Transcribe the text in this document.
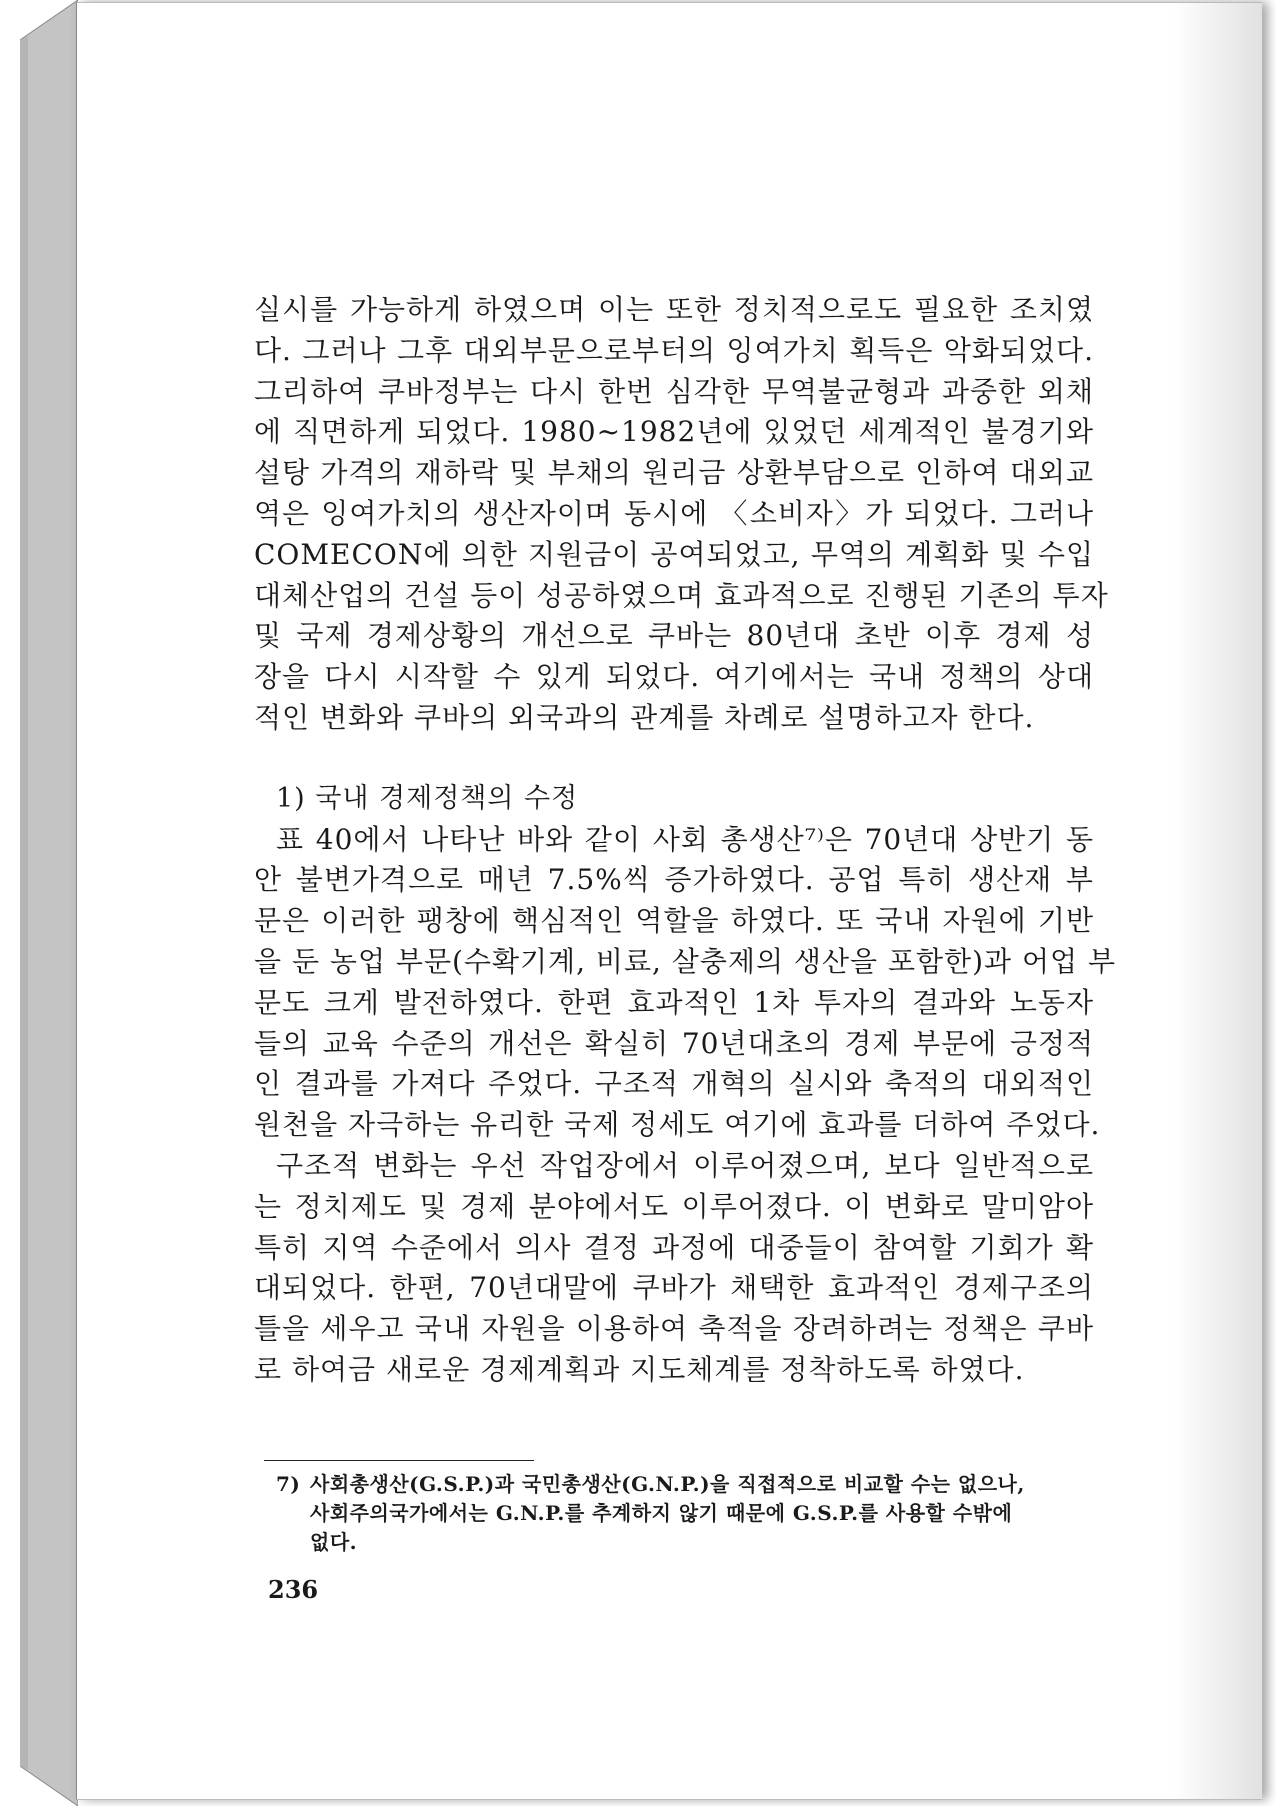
실시를 가능하게 하였으며 이는 또한 정치적으로도 필요한 조치였
다. 그러나 그후 대외부문으로부터의 잉여가치 획득은 악화되었다.
그리하여 쿠바정부는 다시 한번 심각한 무역불균형과 과중한 외채
에 직면하게 되었다. 1980~1982년에 있었던 세계적인 불경기와
설탕 가격의 재하락 및 부채의 원리금 상환부담으로 인하여 대외교
역은 잉여가치의 생산자이며 동시에 〈소비자〉가 되었다. 그러나
COMECON에 의한 지원금이 공여되었고, 무역의 계획화 및 수입
대체산업의 건설 등이 성공하였으며 효과적으로 진행된 기존의 투자
및 국제 경제상황의 개선으로 쿠바는 80년대 초반 이후 경제 성
장을 다시 시작할 수 있게 되었다. 여기에서는 국내 정책의 상대
적인 변화와 쿠바의 외국과의 관계를 차례로 설명하고자 한다.

1) 국내 경제정책의 수정

표 40에서 나타난 바와 같이 사회 총생산⁷⁾은 70년대 상반기 동
안 불변가격으로 매년 7.5%씩 증가하였다. 공업 특히 생산재 부
문은 이러한 팽창에 핵심적인 역할을 하였다. 또 국내 자원에 기반
을 둔 농업 부문(수확기계, 비료, 살충제의 생산을 포함한)과 어업 부
문도 크게 발전하였다. 한편 효과적인 1차 투자의 결과와 노동자
들의 교육 수준의 개선은 확실히 70년대초의 경제 부문에 긍정적
인 결과를 가져다 주었다. 구조적 개혁의 실시와 축적의 대외적인
원천을 자극하는 유리한 국제 정세도 여기에 효과를 더하여 주었다.

구조적 변화는 우선 작업장에서 이루어졌으며, 보다 일반적으로
는 정치제도 및 경제 분야에서도 이루어졌다. 이 변화로 말미암아
특히 지역 수준에서 의사 결정 과정에 대중들이 참여할 기회가 확
대되었다. 한편, 70년대말에 쿠바가 채택한 효과적인 경제구조의
틀을 세우고 국내 자원을 이용하여 축적을 장려하려는 정책은 쿠바
로 하여금 새로운 경제계획과 지도체계를 정착하도록 하였다.

7) 사회총생산(G.S.P.)과 국민총생산(G.N.P.)을 직접적으로 비교할 수는 없으나,
사회주의국가에서는 G.N.P.를 추계하지 않기 때문에 G.S.P.를 사용할 수밖에
없다.
236
